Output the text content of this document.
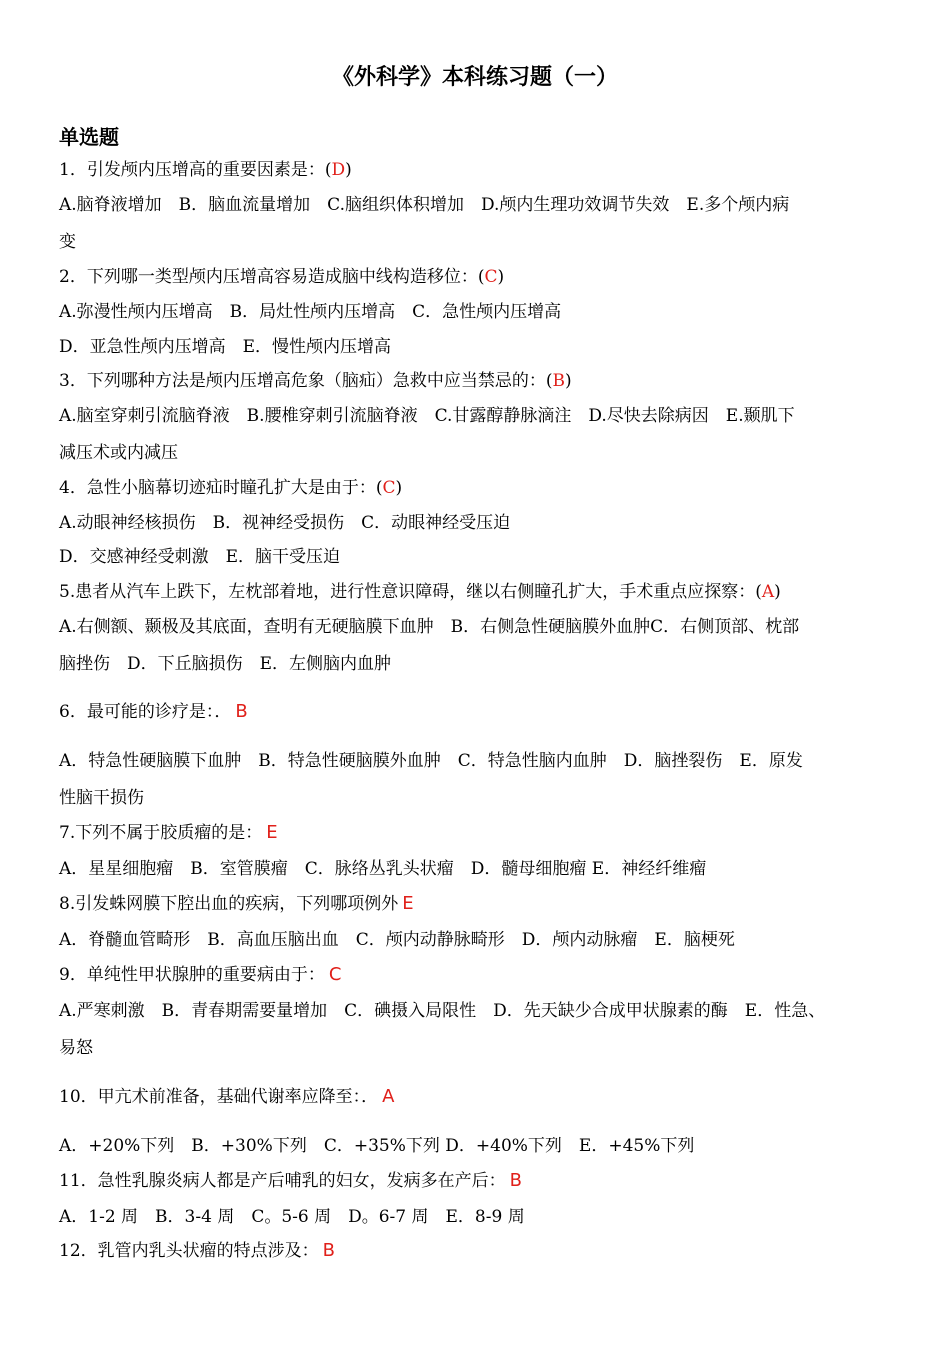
《外科学》本科练习题（一）
单选题

1．引发颅内压增高的重要因素是：(D)

A.脑脊液增加　B．脑血流量增加　C.脑组织体积增加　D.颅内生理功效调节失效　E.多个颅内病

变

2．下列哪一类型颅内压增高容易造成脑中线构造移位：(C)

A.弥漫性颅内压增高　B．局灶性颅内压增高　C．急性颅内压增高

D．亚急性颅内压增高　E．慢性颅内压增高

3．下列哪种方法是颅内压增高危象（脑疝）急救中应当禁忌的：(B)

A.脑室穿刺引流脑脊液　B.腰椎穿刺引流脑脊液　C.甘露醇静脉滴注　D.尽快去除病因　E.颞肌下

减压术或内减压

4．急性小脑幕切迹疝时瞳孔扩大是由于：(C)

A.动眼神经核损伤　B．视神经受损伤　C．动眼神经受压迫

D．交感神经受刺激　E．脑干受压迫

5.患者从汽车上跌下，左枕部着地，进行性意识障碍，继以右侧瞳孔扩大，手术重点应探察：(A)

A.右侧额、颞极及其底面，查明有无硬脑膜下血肿　B．右侧急性硬脑膜外血肿C．右侧顶部、枕部

脑挫伤　D．下丘脑损伤　E．左侧脑内血肿

6．最可能的诊疗是：． B

A．特急性硬脑膜下血肿　B．特急性硬脑膜外血肿　C．特急性脑内血肿　D．脑挫裂伤　E．原发

性脑干损伤

7.下列不属于胶质瘤的是： E

A．星星细胞瘤　B．室管膜瘤　C．脉络丛乳头状瘤　D．髓母细胞瘤 E．神经纤维瘤

8.引发蛛网膜下腔出血的疾病，下列哪项例外 E

A．脊髓血管畸形　B．高血压脑出血　C．颅内动静脉畸形　D．颅内动脉瘤　E．脑梗死

9．单纯性甲状腺肿的重要病由于： C

A.严寒刺激　B．青春期需要量增加　C．碘摄入局限性　D．先天缺少合成甲状腺素的酶　E．性急、

易怒

10．甲亢术前准备，基础代谢率应降至：． A

A．+20%下列　B．+30%下列　C．+35%下列 D．+40%下列　E．+45%下列

11．急性乳腺炎病人都是产后哺乳的妇女，发病多在产后： B

A．1-2 周　B．3-4 周　C。5-6 周　D。6-7 周　E．8-9 周

12．乳管内乳头状瘤的特点涉及： B
